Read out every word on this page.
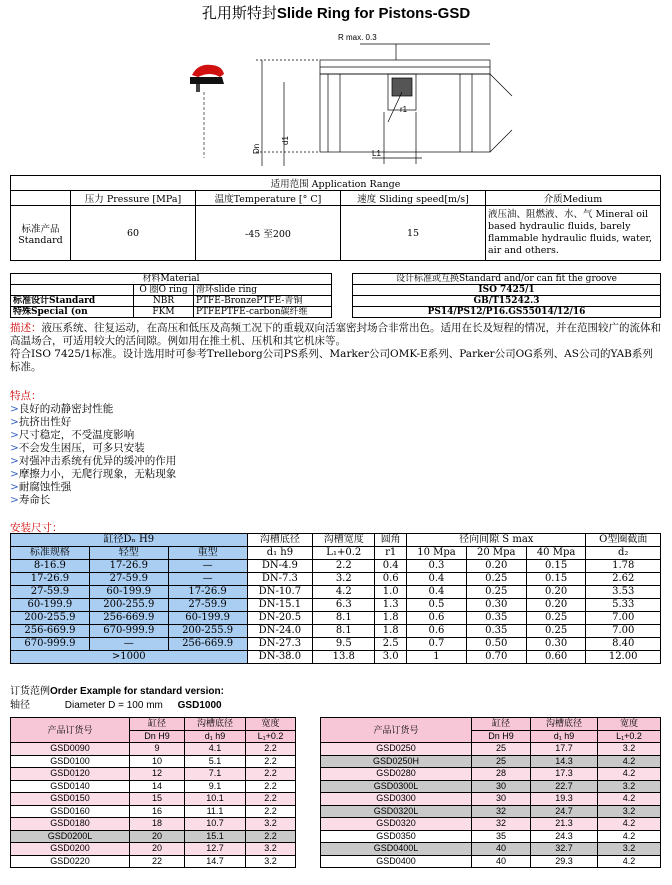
孔用斯特封Slide Ring for Pistons-GSD
R max. 0.3
r1
L1
d1
Dn
适用范围 Application Range				
	压力 Pressure [MPa]	温度Temperature [° C]	速度 Sliding speed[m/s]	介质Medium
标准产品
Standard	60	-45 至200	15	液压油、阻燃液、水、气 Mineral oil based hydraulic fluids, barely flammable hydraulic fluids, water, air and others.
材料Material		
	O 圈O ring	滑环slide ring
标准设计Standard	NBR	PTFE-BronzePTFE-青铜
特殊Special (on	FKM	PTFEPTFE-carbon碳纤维
设计标准或互换Standard and/or can fit the groove
ISO 7425/1
GB/T15242.3
PS14/PS12/P16.GS55014/12/16
描述：液压系统、往复运动，在高压和低压及高频工况下的重载双向活塞密封场合非常出色。适用在长及短程的情况，并在范围较广的流体和高温场合，可适用较大的活间隙。例如用在推土机、压机和其它机床等。
符合ISO 7425/1标准。设计选用时可参考Trelleborg公司PS系列、Marker公司OMK-E系列、Parker公司OG系列、AS公司的YAB系列标准。
特点：
>良好的动静密封性能
>抗挤出性好
>尺寸稳定，不受温度影响
>不会发生困压，可多只安装
>对强冲击系统有优异的缓冲的作用
>摩擦力小，无爬行现象，无粘现象
>耐腐蚀性强
>寿命长
安装尺寸：
缸径Dₙ H9			沟槽底径	沟槽宽度	圆角	径向间隙 S max			O型圈截面
标准规格	轻型	重型	d₁ h9	L₁+0.2	r1	10 Mpa	20 Mpa	40 Mpa	d₂
8-16.9	17-26.9	—	DN-4.9	2.2	0.4	0.3	0.20	0.15	1.78
17-26.9	27-59.9	—	DN-7.3	3.2	0.6	0.4	0.25	0.15	2.62
27-59.9	60-199.9	17-26.9	DN-10.7	4.2	1.0	0.4	0.25	0.20	3.53
60-199.9	200-255.9	27-59.9	DN-15.1	6.3	1.3	0.5	0.30	0.20	5.33
200-255.9	256-669.9	60-199.9	DN-20.5	8.1	1.8	0.6	0.35	0.25	7.00
256-669.9	670-999.9	200-255.9	DN-24.0	8.1	1.8	0.6	0.35	0.25	7.00
670-999.9	—	256-669.9	DN-27.3	9.5	2.5	0.7	0.50	0.30	8.40
>1000			DN-38.0	13.8	3.0	1	0.70	0.60	12.00
订货范例Order Example for standard version:
轴径	Diameter D = 100 mm GSD1000
产品订货号	缸径	沟槽底径	宽度
	Dn H9	d₁ h9	L₁+0.2
GSD0090	9	4.1	2.2
GSD0100	10	5.1	2.2
GSD0120	12	7.1	2.2
GSD0140	14	9.1	2.2
GSD0150	15	10.1	2.2
GSD0160	16	11.1	2.2
GSD0180	18	10.7	3.2
GSD0200L	20	15.1	2.2
GSD0200	20	12.7	3.2
GSD0220	22	14.7	3.2
产品订货号	缸径	沟槽底径	宽度
	Dn H9	d₁ h9	L₁+0.2
GSD0250	25	17.7	3.2
GSD0250H	25	14.3	4.2
GSD0280	28	17.3	4.2
GSD0300L	30	22.7	3.2
GSD0300	30	19.3	4.2
GSD0320L	32	24.7	3.2
GSD0320	32	21.3	4.2
GSD0350	35	24.3	4.2
GSD0400L	40	32.7	3.2
GSD0400	40	29.3	4.2
